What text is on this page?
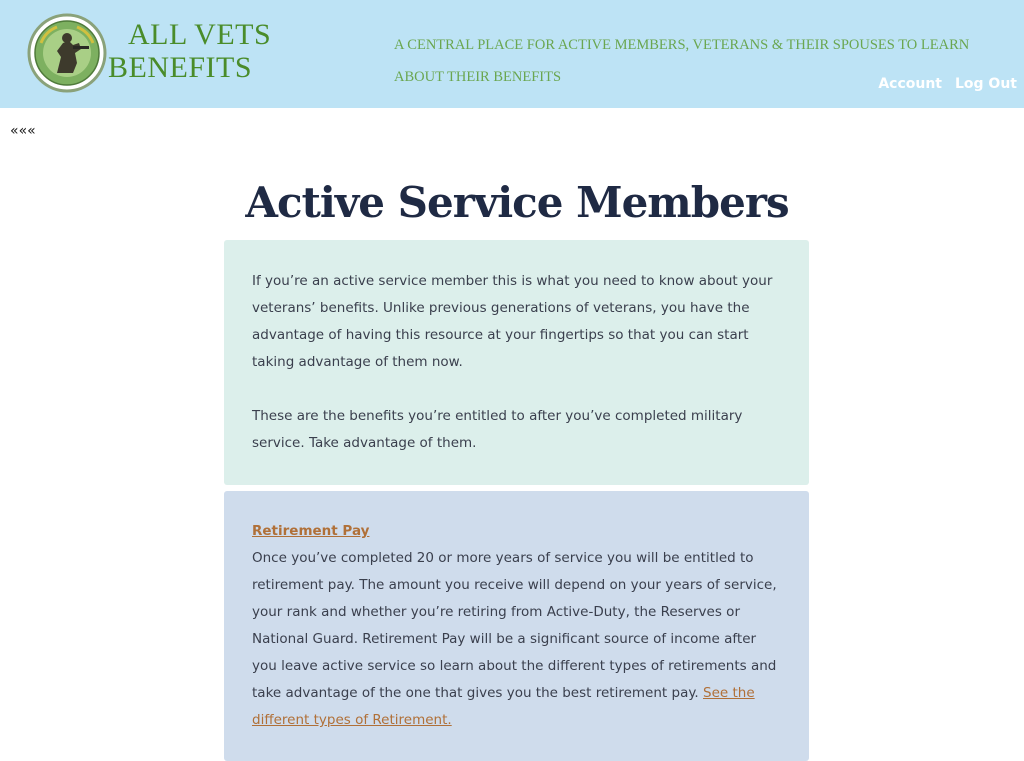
ALL VETS
BENEFITS
A CENTRAL PLACE FOR ACTIVE MEMBERS, VETERANS & THEIR SPOUSES TO LEARN ABOUT THEIR BENEFITS	Account Log Out
«««
Active Service Members

If you’re an active service member this is what you need to know about your veterans’ benefits. Unlike previous generations of veterans, you have the advantage of having this resource at your fingertips so that you can start taking advantage of them now.

These are the benefits you’re entitled to after you’ve completed military service. Take advantage of them.

Retirement Pay
Once you’ve completed 20 or more years of service you will be entitled to retirement pay. The amount you receive will depend on your years of service, your rank and whether you’re retiring from Active-Duty, the Reserves or National Guard. Retirement Pay will be a significant source of income after you leave active service so learn about the different types of retirements and take advantage of the one that gives you the best retirement pay. See the different types of Retirement.
